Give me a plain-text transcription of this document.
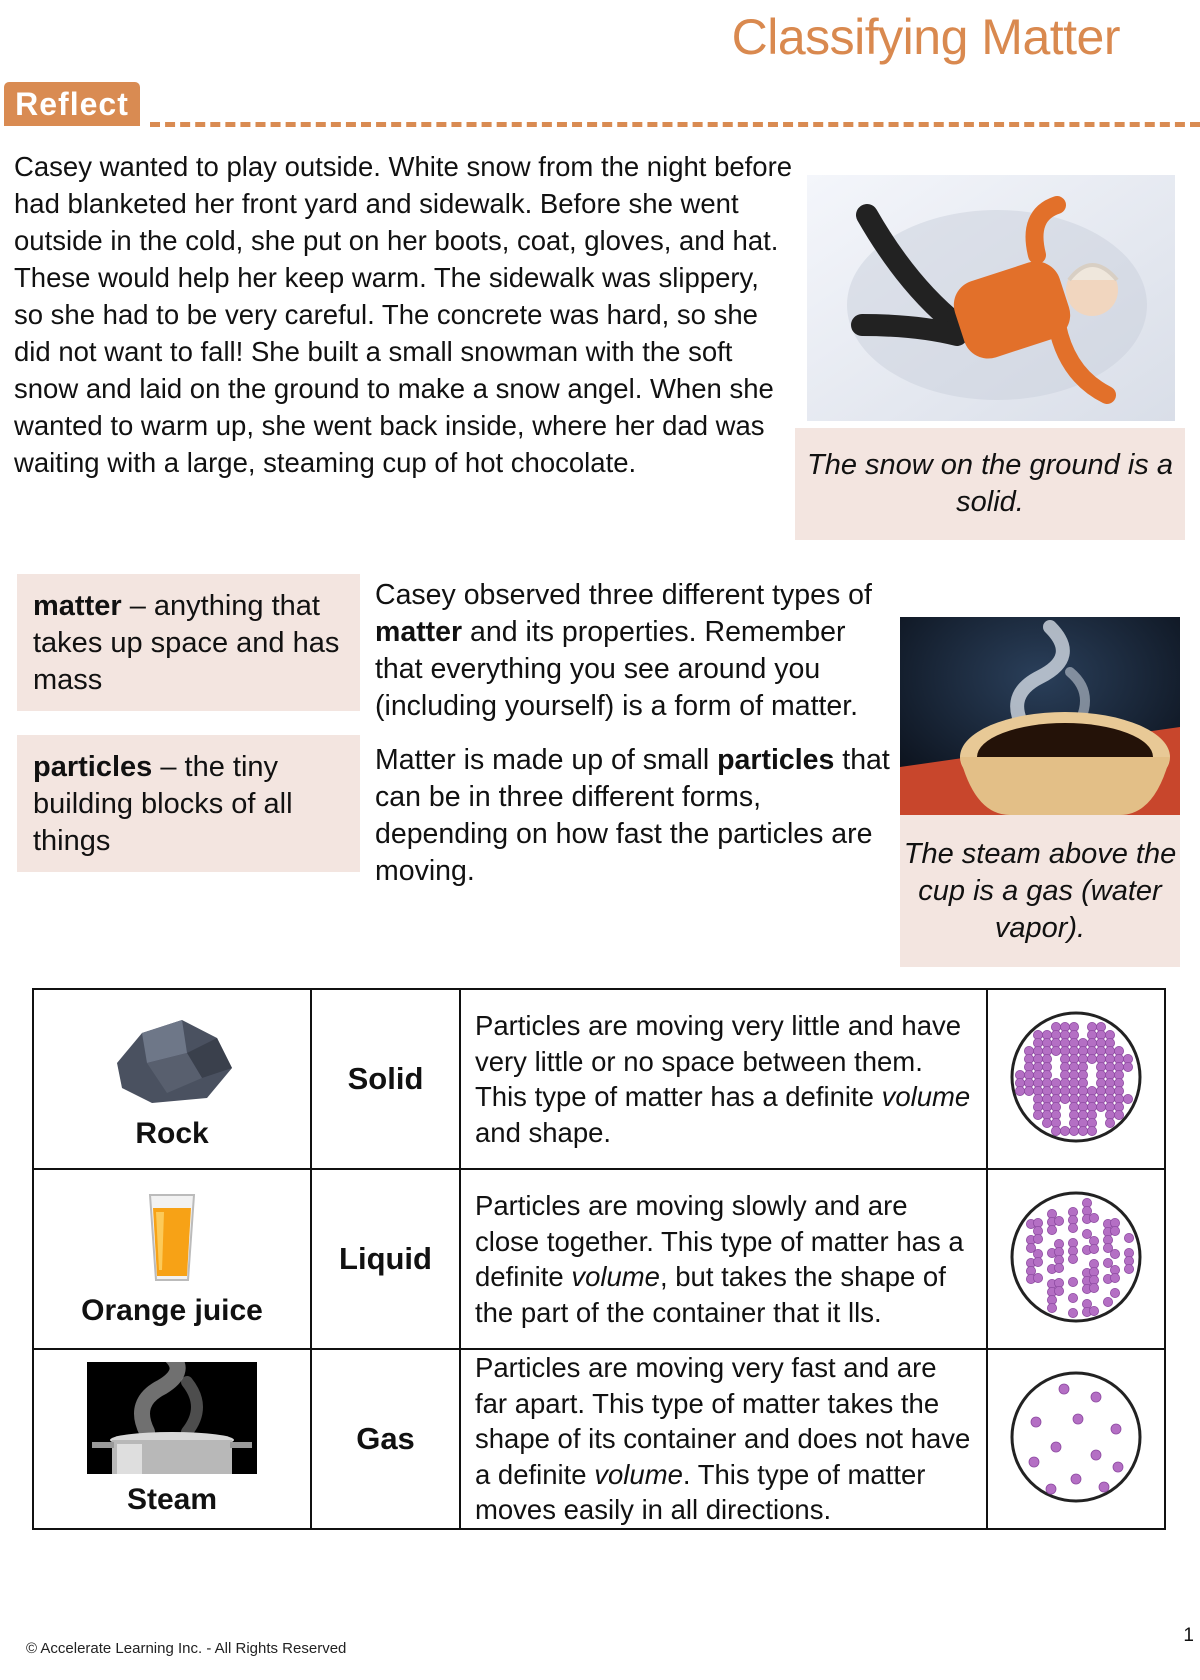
Classifying Matter
Reflect

Casey wanted to play outside. White snow from the night before had blanketed her front yard and sidewalk. Before she went outside in the cold, she put on her boots, coat, gloves, and hat. These would help her keep warm. The sidewalk was slippery, so she had to be very careful. The concrete was hard, so she did not want to fall! She built a small snowman with the soft snow and laid on the ground to make a snow angel. When she wanted to warm up, she went back inside, where her dad was waiting with a large, steaming cup of hot chocolate.	The snow on the ground is a solid.
matter – anything that takes up space and has mass
particles – the tiny building blocks of all things

Casey observed three different types of matter and its properties. Remember that everything you see around you (including yourself) is a form of matter.

Matter is made up of small particles that can be in three different forms, depending on how fast the particles are moving.

The steam above the cup is a gas (water vapor).
Rock	Solid	Particles are moving very little and have very little or no space between them. This type of matter has a definite volume and shape.	

Orange juice	Liquid	Particles are moving slowly and are close together. This type of matter has a definite volume, but takes the shape of the part of the container that it lls.	

Steam	Gas	Particles are moving very fast and are far apart. This type of matter takes the shape of its container and does not have a definite volume. This type of matter moves easily in all directions.	
© Accelerate Learning Inc. - All Rights Reserved
1
